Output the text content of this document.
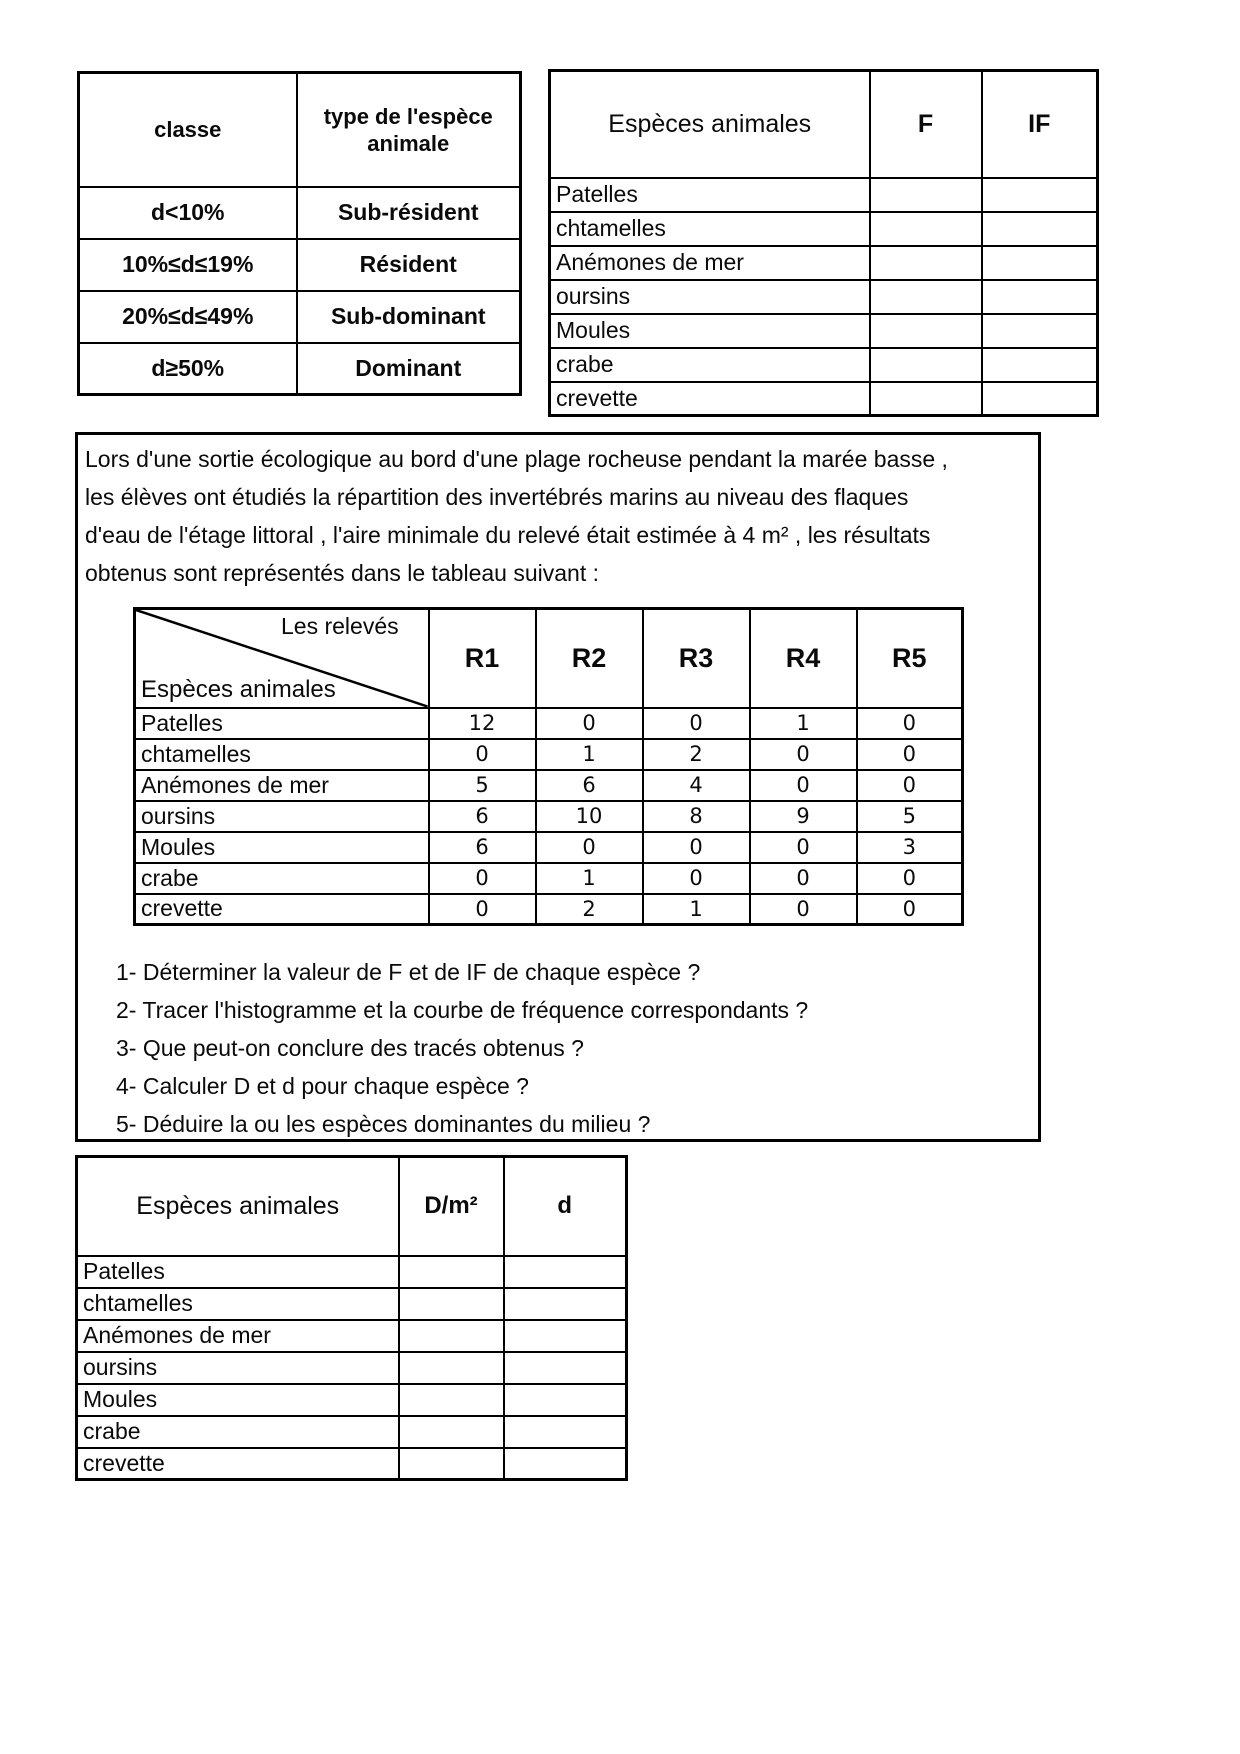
classe	type de l'espèce animale
d<10%	Sub-résident
10%≤d≤19%	Résident
20%≤d≤49%	Sub-dominant
d≥50%	Dominant
Espèces animales	F	IF
Patelles		
chtamelles		
Anémones de mer		
oursins		
Moules		
crabe		
crevette		
Lors d'une sortie écologique au bord d'une plage rocheuse pendant la marée basse ,
les élèves ont étudiés la répartition des invertébrés marins au niveau des flaques
d'eau de l'étage littoral , l'aire minimale du relevé était estimée à 4 m² , les résultats
obtenus sont représentés dans le tableau suivant :
Les relevés
Espèces animales	R1	R2	R3	R4	R5
Patelles	12	0	0	1	0
chtamelles	0	1	2	0	0
Anémones de mer	5	6	4	0	0
oursins	6	10	8	9	5
Moules	6	0	0	0	3
crabe	0	1	0	0	0
crevette	0	2	1	0	0
1- Déterminer la valeur de F et de IF de chaque espèce ?
2- Tracer l'histogramme et la courbe de fréquence correspondants ?
3- Que peut-on conclure des tracés obtenus ?
4- Calculer D et d pour chaque espèce ?
5- Déduire la ou les espèces dominantes du milieu ?
Espèces animales	D/m²	d
Patelles		
chtamelles		
Anémones de mer		
oursins		
Moules		
crabe		
crevette		
